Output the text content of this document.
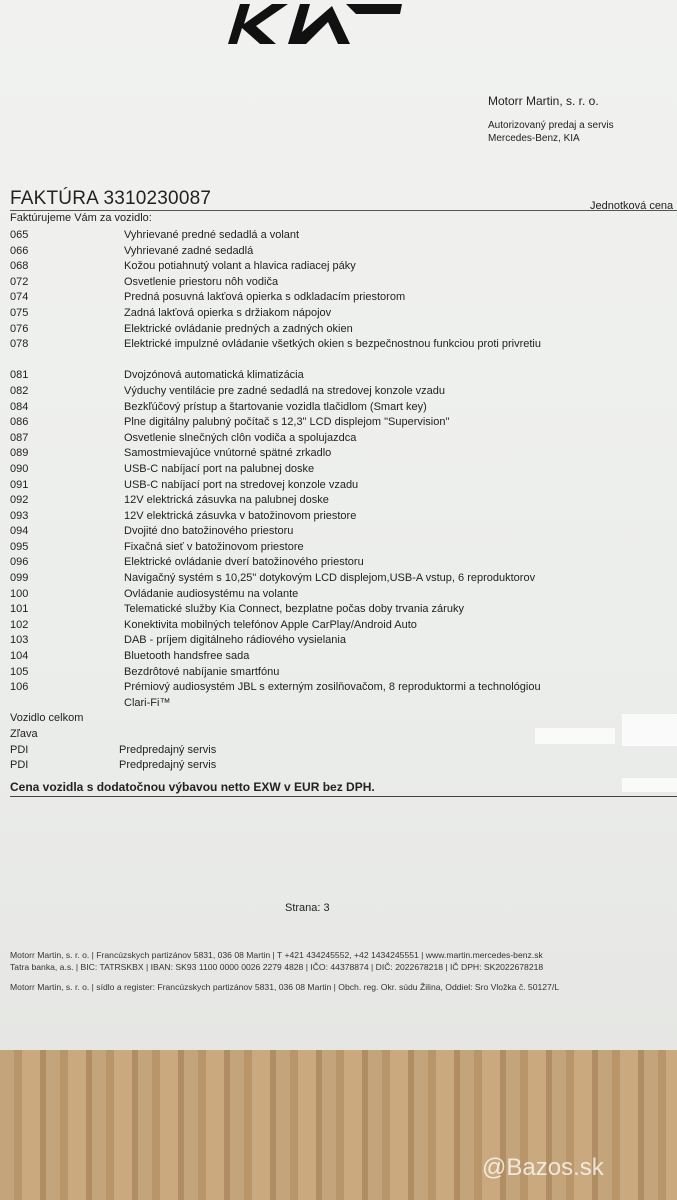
Motorr Martin, s. r. o.
Autorizovaný predaj a servis
Mercedes-Benz, KIA
FAKTÚRA 3310230087	Jednotková cena
Faktúrujeme Vám za vozidlo:
065	Vyhrievané predné sedadlá a volant
066	Vyhrievané zadné sedadlá
068	Kožou potiahnutý volant a hlavica radiacej páky
072	Osvetlenie priestoru nôh vodiča
074	Predná posuvná lakťová opierka s odkladacím priestorom
075	Zadná lakťová opierka s držiakom nápojov
076	Elektrické ovládanie predných a zadných okien
078	Elektrické impulzné ovládanie všetkých okien s bezpečnostnou funkciou proti privretiu
081	Dvojzónová automatická klimatizácia
082	Výduchy ventilácie pre zadné sedadlá na stredovej konzole vzadu
084	Bezkľúčový prístup a štartovanie vozidla tlačidlom (Smart key)
086	Plne digitálny palubný počítač s 12,3" LCD displejom "Supervision"
087	Osvetlenie slnečných clôn vodiča a spolujazdca
089	Samostmievajúce vnútorné spätné zrkadlo
090	USB-C nabíjací port na palubnej doske
091	USB-C nabíjací port na stredovej konzole vzadu
092	12V elektrická zásuvka na palubnej doske
093	12V elektrická zásuvka v batožinovom priestore
094	Dvojité dno batožinového priestoru
095	Fixačná sieť v batožinovom priestore
096	Elektrické ovládanie dverí batožinového priestoru
099	Navigačný systém s 10,25" dotykovým LCD displejom,USB-A vstup, 6 reproduktorov
100	Ovládanie audiosystému na volante
101	Telematické služby Kia Connect, bezplatne počas doby trvania záruky
102	Konektivita mobilných telefónov Apple CarPlay/Android Auto
103	DAB - príjem digitálneho rádiového vysielania
104	Bluetooth handsfree sada
105	Bezdrôtové nabíjanie smartfónu
106	Prémiový audiosystém JBL s externým zosilňovačom, 8 reproduktormi a technológiou Clari-Fi™
Vozidlo celkom
Zľava
PDI	Predpredajný servis
PDI	Predpredajný servis
Cena vozidla s dodatočnou výbavou netto EXW v EUR bez DPH.
Strana: 3
Motorr Martin, s. r. o. | Francúzskych partizánov 5831, 036 08 Martin | T +421 434245552, +42 1434245551 | www.martin.mercedes-benz.sk
Tatra banka, a.s. | BIC: TATRSKBX | IBAN: SK93 1100 0000 0026 2279 4828 | IČO: 44378874 | DIČ: 2022678218 | IČ DPH: SK2022678218
Motorr Martin, s. r. o. | sídlo a register: Francúzskych partizánov 5831, 036 08 Martin | Obch. reg. Okr. súdu Žilina, Oddiel: Sro Vložka č. 50127/L
@Bazos.sk
